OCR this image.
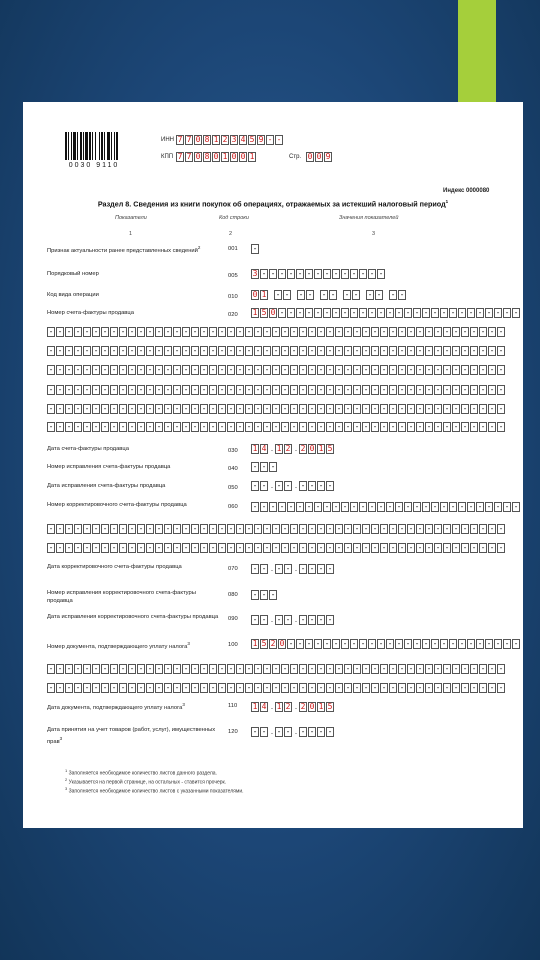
0030 9110
ИНН 7 7 0 8 1 2 3 4 5 9 - -
КПП 7 7 0 8 0 1 0 0 1	Стр. 0 0 9
Индекс 0000080
Раздел 8. Сведения из книги покупок об операциях, отражаемых за истекший налоговый период$^1$
Показатели	Код строки	Значения показателей
1	2	3
Признак актуальности ранее представленных сведений$^2$	001 -
Порядковый номер	005 3 - - - - - - - - - - - - - -
Код вида операции	010 0 1 - - - - - - - - - - - -
Номер счета-фактуры продавца	020 1 5 0 - - - - - - - - - - - - - - - - - - - - - - - - - - -
- - - - - - - - - - - - - - - - - - - - - - - - - - - - - - - - - - - - - - - - - - - - - - - - - - -
- - - - - - - - - - - - - - - - - - - - - - - - - - - - - - - - - - - - - - - - - - - - - - - - - - -
- - - - - - - - - - - - - - - - - - - - - - - - - - - - - - - - - - - - - - - - - - - - - - - - - - -
- - - - - - - - - - - - - - - - - - - - - - - - - - - - - - - - - - - - - - - - - - - - - - - - - - -
- - - - - - - - - - - - - - - - - - - - - - - - - - - - - - - - - - - - - - - - - - - - - - - - - - -
- - - - - - - - - - - - - - - - - - - - - - - - - - - - - - - - - - - - - - - - - - - - - - - - - - -
Дата счета-фактуры продавца	030 1 4 . 1 2 . 2 0 1 5
Номер исправления счета-фактуры продавца	040 - - -
Дата исправления счета-фактуры продавца	050 - - . - - . - - - -
Номер корректировочного счета-фактуры продавца	060 - - - - - - - - - - - - - - - - - - - - - - - - - - - - - -
- - - - - - - - - - - - - - - - - - - - - - - - - - - - - - - - - - - - - - - - - - - - - - - - - - -
- - - - - - - - - - - - - - - - - - - - - - - - - - - - - - - - - - - - - - - - - - - - - - - - - - -
Дата корректировочного счета-фактуры продавца	070 - - . - - . - - - -
Номер исправления корректировочного счета-фактуры продавца
080 - - -
Дата исправления корректировочного счета-фактуры продавца	090 - - . - - . - - - -
Номер документа, подтверждающего уплату налога$^3$	100 1 5 2 0 - - - - - - - - - - - - - - - - - - - - - - - - - -
- - - - - - - - - - - - - - - - - - - - - - - - - - - - - - - - - - - - - - - - - - - - - - - - - - -
- - - - - - - - - - - - - - - - - - - - - - - - - - - - - - - - - - - - - - - - - - - - - - - - - - -
Дата документа, подтверждающего уплату налога$^3$	110 1 4 . 1 2 . 2 0 1 5
Дата принятия на учет товаров (работ, услуг), имущественных прав$^3$
120 - - . - - . - - - -
$^1$ Заполняется необходимое количество листов данного раздела.
$^2$ Указывается на первой странице, на остальных - ставится прочерк.
$^3$ Заполняется необходимое количество листов с указанными показателями.
